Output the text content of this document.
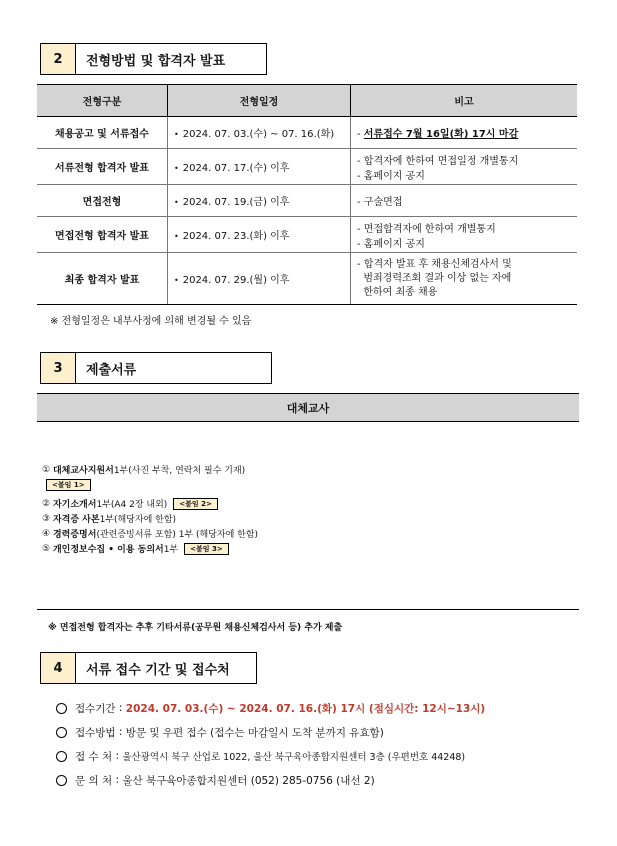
2	전형방법 및 합격자 발표
전형구분	전형일정	비고
채용공고 및 서류접수	• 2024. 07. 03.(수) ~ 07. 16.(화)	- 서류접수 7월 16일(화) 17시 마감
서류전형 합격자 발표	• 2024. 07. 17.(수) 이후	- 합격자에 한하여 면접일정 개별통지
- 홈페이지 공지
면접전형	• 2024. 07. 19.(금) 이후	- 구술면접
면접전형 합격자 발표	• 2024. 07. 23.(화) 이후	- 면접합격자에 한하여 개별통지
- 홈페이지 공지
최종 합격자 발표	• 2024. 07. 29.(월) 이후	- 합격자 발표 후 채용신체검사서 및
범죄경력조회 결과 이상 없는 자에
한하여 최종 채용
※ 전형일정은 내부사정에 의해 변경될 수 있음
3	제출서류
대체교사
①
대체교사지원서 1부(사진 부착, 연락처 필수 기재)
<붙임 1>
②
자기소개서 1부(A4 2장 내외)	<붙임 2>
③
자격증 사본 1부(해당자에 한함)
④
경력증명서 (관련증빙서류 포함) 1부 (해당자에 한함)
⑤
개인정보수집 • 이용 동의서 1부	<붙임 3>
※ 면접전형 합격자는 추후 기타서류(공무원 채용신체검사서 등) 추가 제출
4	서류 접수 기간 및 접수처
접수기간 : 2024. 07. 03.(수) ~ 2024. 07. 16.(화) 17시 (점심시간: 12시~13시)
접수방법 : 방문 및 우편 접수 (접수는 마감일시 도착 분까지 유효함)
접 수 처 : 울산광역시 북구 산업로 1022, 울산 북구육아종합지원센터 3층 (우편번호 44248)
문 의 처 : 울산 북구육아종합지원센터 (052) 285-0756 (내선 2)
